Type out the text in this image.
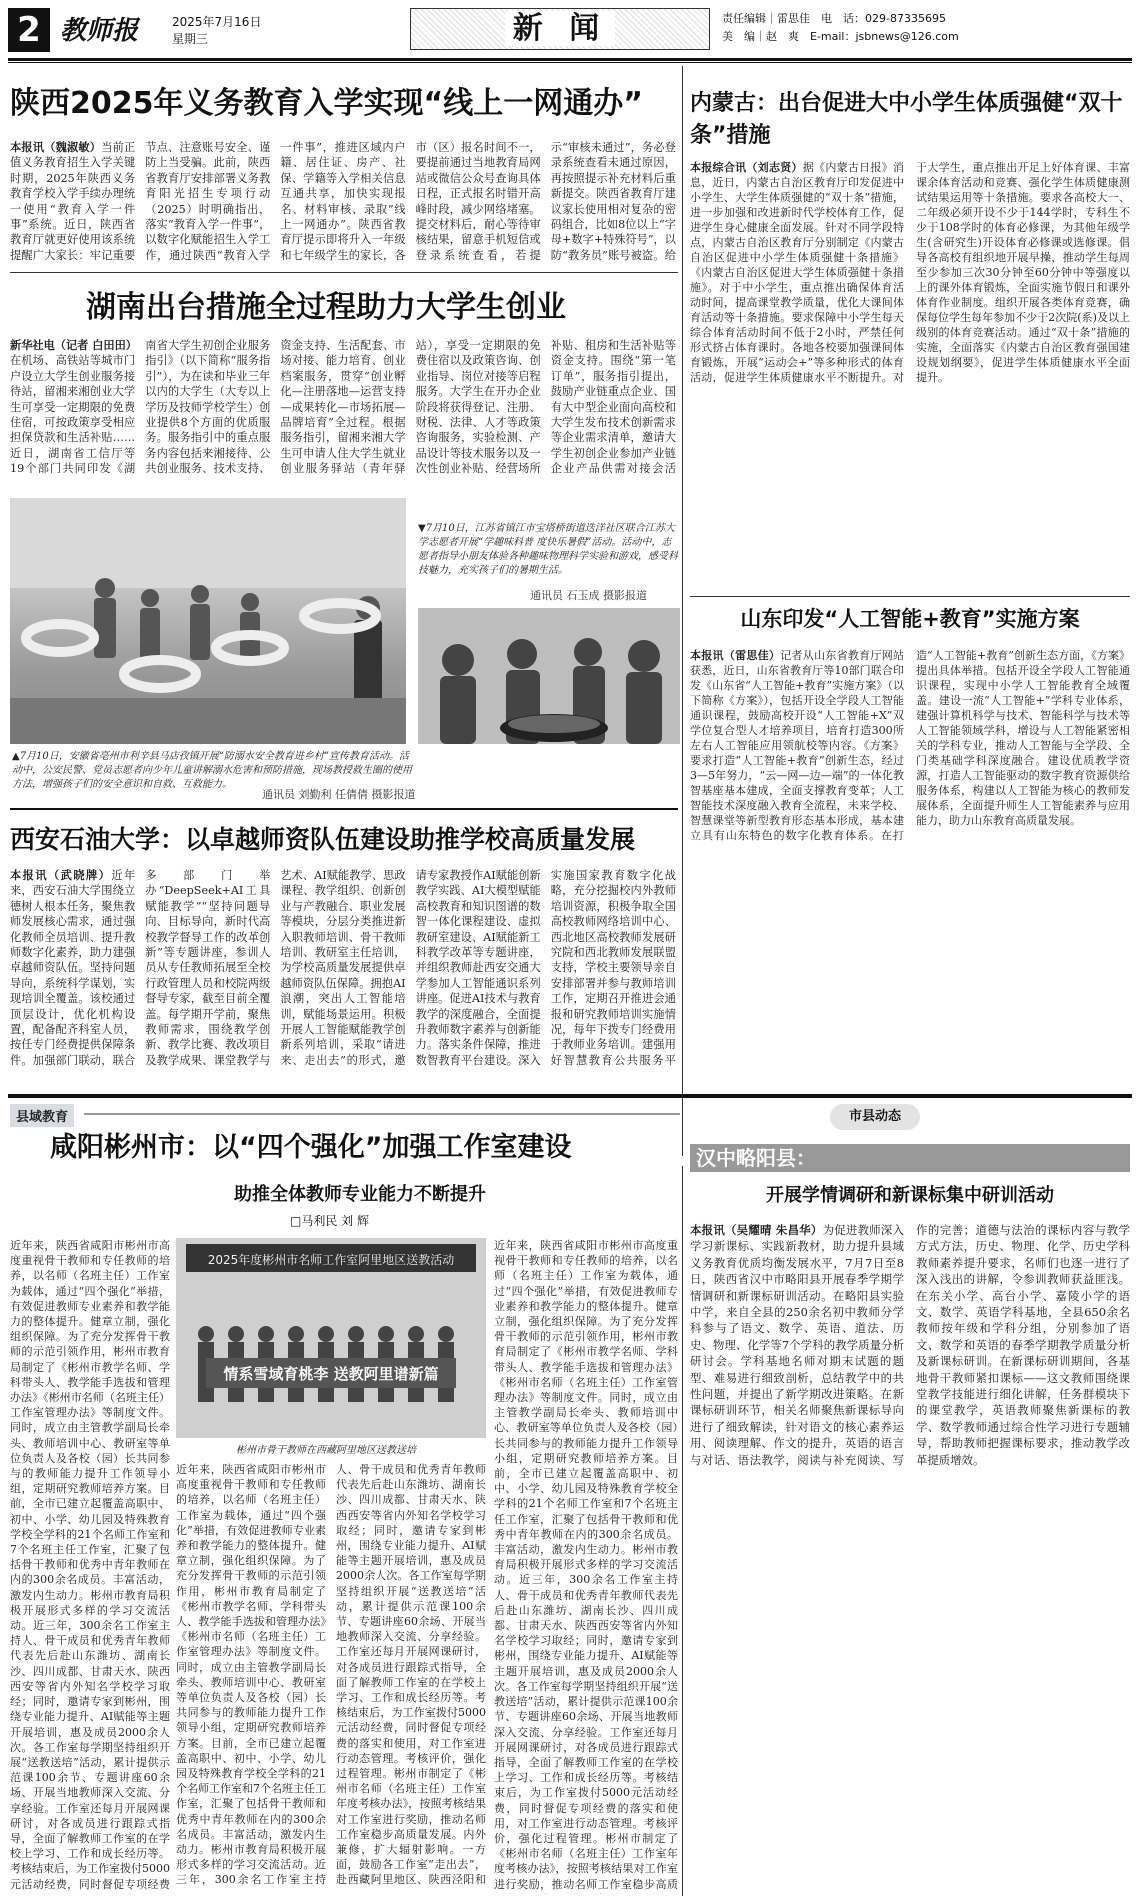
2 教师报	2025年7月16日
星期三	新 闻	责任编辑｜雷思佳　 电　话：029-87335695
美　编｜赵　爽　 E-mail：jsbnews@126.com
陕西2025年义务教育入学实现“线上一网通办”
本报讯（魏淑敏）当前正值义务教育招生入学关键时期，2025年陕西义务教育学校入学手续办理统一使用“教育入学一件事”系统。近日，陕西省教育厅就更好使用该系统提醒广大家长：牢记重要节点、注意账号安全、谨防上当受骗。此前，陕西省教育厅安排部署义务教育阳光招生专项行动（2025）时明确指出，落实“教育入学一件事”，以数字化赋能招生入学工作，通过陕西“教育入学一件事”，推进区域内户籍、居住证、房产、社保、学籍等入学相关信息互通共享，加快实现报名、材料审核、录取“线上一网通办”。陕西省教育厅提示即将升入一年级和七年级学生的家长，各市（区）报名时间不一，要提前通过当地教育局网站或微信公众号查询具体日程，正式报名时错开高峰时段，减少网络堵塞。提交材料后，耐心等待审核结果，留意手机短信或登录系统查看，若提示“审核未通过”，务必登录系统查看未通过原因，再按照提示补充材料后重新提交。陕西省教育厅建议家长使用相对复杂的密码组合，比如8位以上“字母+数字+特殊符号”，以防“教务员”账号被盗。给
湖南出台措施全过程助力大学生创业
新华社电（记者 白田田）在机场、高铁站等城市门户设立大学生创业服务接待站，留湘来湘创业大学生可享受一定期限的免费住宿，可按政策享受相应担保贷款和生活补贴……近日，湖南省工信厅等19个部门共同印发《湖南省大学生初创企业服务指引》（以下简称“服务指引”），为在读和毕业三年以内的大学生（大专以上学历及技师学校学生）创业提供8个方面的优质服务。服务指引中的重点服务内容包括来湘接待、公共创业服务、技术支持、资金支持、生活配套、市场对接、能力培育、创业档案服务，贯穿“创业孵化—注册落地—运营支持—成果转化—市场拓展—品牌培育”全过程。根据服务指引，留湘来湘大学生可申请人住大学生就业创业服务驿站（青年驿站），享受一定期限的免费住宿以及政策咨询、创业指导、岗位对接等启程服务。大学生在开办企业阶段将获得登记、注册、财税、法律、人才等政策咨询服务，实验检测、产品设计等技术服务以及一次性创业补贴、经营场所补贴、租房和生活补贴等资金支持。围绕“第一笔订单”，服务指引提出，鼓励产业链重点企业、国有大中型企业面向高校和大学生发布技术创新需求等企业需求清单，邀请大学生初创企业参加产业链企业产品供需对接会活
▼7月10日，江苏省镇江市宝塔桥街道迭洋社区联合江苏大学志愿者开展“学趣味科普 度快乐暑假”活动。活动中，志愿者指导小朋友体验各种趣味物理科学实验和游戏，感受科技魅力，充实孩子们的暑期生活。
通讯员 石玉成 摄影报道
▲7月10日，安徽省亳州市利辛县马店孜镇开展“防溺水安全教育进乡村”宣传教育活动。活动中，公安民警、党员志愿者向少年儿童讲解溺水危害和预防措施，现场教授救生圈的使用方法，增强孩子们的安全意识和自救、互救能力。
通讯员 刘勤利 任倩倩 摄影报道
西安石油大学：以卓越师资队伍建设助推学校高质量发展
本报讯（武晓牌）近年来，西安石油大学围绕立德树人根本任务，聚焦教师发展核心需求，通过强化教师全员培训、提升教师数字化素养，助力建强卓越师资队伍。坚持问题导向，系统科学谋划，实现培训全覆盖。该校通过顶层设计，优化机构设置，配备配齐科室人员，按任专门经费提供保障条件。加强部门联动，联合多部门举办“DeepSeek+AI工具赋能教学”“坚持问题导向、目标导向，新时代高校教学督导工作的改革创新”等专题讲座，参训人员从专任教师拓展至全校行政管理人员和校院两级督导专家，截至目前全覆盖。每学期开学前，聚焦教师需求，围绕教学创新、教学比赛、教改项目及教学成果、课堂教学与艺术、AI赋能教学、思政课程、教学组织、创新创业与产教融合、职业发展等模块，分层分类推进新入职教师培训、骨干教师培训、教研室主任培训，为学校高质量发展提供卓越师资队伍保障。拥抱AI浪潮，突出人工智能培训，赋能场景运用。积极开展人工智能赋能教学创新系列培训，采取“请进来、走出去”的形式，邀请专家教授作AI赋能创新教学实践、AI大模型赋能高校教育和知识图谱的数智一体化课程建设、虚拟教研室建设、AI赋能新工科教学改革等专题讲座，并组织教师赴西安交通大学参加人工智能通识系列讲座。促进AI技术与教育教学的深度融合，全面提升教师数字素养与创新能力。落实条件保障，推进数智教育平台建设。深入实施国家教育数字化战略，充分挖掘校内外教师培训资源，积极争取全国高校教师网络培训中心、西北地区高校教师发展研究院和西北教师发展联盟支持，学校主要领导亲自安排部署并参与教师培训工作，定期召开推进会通报和研究教师培训实施情况，每年下拨专门经费用于教师业务培训。建强用好智慧教育公共服务平
内蒙古：出台促进大中小学生体质强健“双十条”措施
本报综合讯（刘志贤）据《内蒙古日报》消息，近日，内蒙古自治区教育厅印发促进中小学生、大学生体质强健的“双十条”措施，进一步加强和改进新时代学校体育工作，促进学生身心健康全面发展。针对不同学段特点，内蒙古自治区教育厅分别制定《内蒙古自治区促进中小学生体质强健十条措施》《内蒙古自治区促进大学生体质强健十条措施》。对于中小学生，重点推出确保体育活动时间，提高课堂教学质量，优化大课间体育活动等十条措施。要求保障中小学生每天综合体育活动时间不低于2小时，严禁任何形式挤占体育课时。各地各校要加强课间体育锻炼，开展“运动会+”等多种形式的体育活动，促进学生体质健康水平不断提升。对于大学生，重点推出开足上好体育课、丰富课余体育活动和竞赛、强化学生体质健康测试结果运用等十条措施。要求各高校大一、二年级必须开设不少于144学时，专科生不少于108学时的体育必修课，为其他年级学生(含研究生)开设体育必修课或选修课。倡导各高校有组织地开展早操，推动学生每周至少参加三次30分钟至60分钟中等强度以上的课外体育锻炼，全面实施节假日和课外体育作业制度。组织开展各类体育竞赛，确保每位学生每年参加不少于2次院(系)及以上级别的体育竞赛活动。通过“双十条”措施的实施，全面落实《内蒙古自治区教育强国建设规划纲要》，促进学生体质健康水平全面提升。
山东印发“人工智能+教育”实施方案
本报讯（雷思佳）记者从山东省教育厅网站获悉，近日，山东省教育厅等10部门联合印发《山东省“人工智能+教育”实施方案》（以下简称《方案》），包括开设全学段人工智能通识课程，鼓励高校开设“人工智能+X”双学位复合型人才培养项目，培育打造300所左右人工智能应用领航校等内容。《方案》要求打造“人工智能+教育”创新生态，经过3—5年努力，“云—网—边—端”的一体化教智基座基本建成，全面支撑教育变革；人工智能技术深度融入教育全流程，未来学校、智慧课堂等新型教育形态基本形成，基本建立具有山东特色的数字化教育体系。在打造“人工智能+教育”创新生态方面，《方案》提出具体举措。包括开设全学段人工智能通识课程，实现中小学人工智能教育全域覆盖。建设一流“人工智能+”学科专业体系，建强计算机科学与技术、智能科学与技术等人工智能领域学科，增设与人工智能紧密相关的学科专业，推动人工智能与全学段、全门类基础学科深度融合。建设优质教学资源，打造人工智能驱动的数字教育资源供给服务体系，构建以人工智能为核心的教师发展体系，全面提升师生人工智能素养与应用能力，助力山东教育高质量发展。
县域教育
咸阳彬州市：以“四个强化”加强工作室建设
助推全体教师专业能力不断提升
□马利民 刘 辉
近年来，陕西省咸阳市彬州市高度重视骨干教师和专任教师的培养，以名师（名班主任）工作室为载体，通过“四个强化”举措，有效促进教师专业素养和教学能力的整体提升。健章立制，强化组织保障。为了充分发挥骨干教师的示范引领作用，彬州市教育局制定了《彬州市教学名师、学科带头人、教学能手选拔和管理办法》《彬州市名师（名班主任）工作室管理办法》等制度文件。同时，成立由主管教学副局长牵头、教师培训中心、教研室等单位负责人及各校（园）长共同参与的教师能力提升工作领导小组，定期研究教师培养方案。目前，全市已建立起覆盖高职中、初中、小学、幼儿园及特殊教育学校全学科的21个名师工作室和7个名班主任工作室，汇聚了包括骨干教师和优秀中青年教师在内的300余名成员。丰富活动，激发内生动力。彬州市教育局积极开展形式多样的学习交流活动。近三年，300余名工作室主持人、骨干成员和优秀青年教师代表先后赴山东潍坊、湖南长沙、四川成都、甘肃天水、陕西西安等省内外知名学校学习取经；同时，邀请专家到彬州，围绕专业能力提升、AI赋能等主题开展培训，惠及成员2000余人次。各工作室每学期坚持组织开展“送教送培”活动，累计提供示范课100余节、专题讲座60余场、开展当地教师深入交流、分享经验。工作室还每月开展网课研讨，对各成员进行跟踪式指导，全面了解教师工作室的在学校上学习、工作和成长经历等。考核结束后，为工作室拨付5000元活动经费，同时督促专项经费
2025年度彬州市名师工作室阿里地区送教活动
情系雪域育桃李 送教阿里谱新篇
彬州市骨干教师在西藏阿里地区送教送培
近年来，陕西省咸阳市彬州市高度重视骨干教师和专任教师的培养，以名师（名班主任）工作室为载体，通过“四个强化”举措，有效促进教师专业素养和教学能力的整体提升。健章立制，强化组织保障。为了充分发挥骨干教师的示范引领作用，彬州市教育局制定了《彬州市教学名师、学科带头人、教学能手选拔和管理办法》《彬州市名师（名班主任）工作室管理办法》等制度文件。同时，成立由主管教学副局长牵头、教师培训中心、教研室等单位负责人及各校（园）长共同参与的教师能力提升工作领导小组，定期研究教师培养方案。目前，全市已建立起覆盖高职中、初中、小学、幼儿园及特殊教育学校全学科的21个名师工作室和7个名班主任工作室，汇聚了包括骨干教师和优秀中青年教师在内的300余名成员。丰富活动，激发内生动力。彬州市教育局积极开展形式多样的学习交流活动。近三年，300余名工作室主持人、骨干成员和优秀青年教师代表先后赴山东潍坊、湖南长沙、四川成都、甘肃天水、陕西西安等省内外知名学校学习取经；同时，邀请专家到彬州，围绕专业能力提升、AI赋能等主题开展培训，惠及成员2000余人次。各工作室每学期坚持组织开展“送教送培”活动，累计提供示范课100余节、专题讲座60余场、开展当地教师深入交流、分享经验。工作室还每月开展网课研讨，对各成员进行跟踪式指导，全面了解教师工作室的在学校上学习、工作和成长经历等。考核结束后，为工作室拨付5000元活动经费，同时督促专项经费的落实和使用，对工作室进行动态管理。考核评价，强化过程管理。彬州市制定了《彬州市名师（名班主任）工作室年度考核办法》，按照考核结果对工作室进行奖励，推动名师工作室稳步高质量发展。内外兼修，扩大辐射影响。一方面，鼓励各工作室“走出去”，赴西藏阿里地区、陕西泾阳和
近年来，陕西省咸阳市彬州市高度重视骨干教师和专任教师的培养，以名师（名班主任）工作室为载体，通过“四个强化”举措，有效促进教师专业素养和教学能力的整体提升。健章立制，强化组织保障。为了充分发挥骨干教师的示范引领作用，彬州市教育局制定了《彬州市教学名师、学科带头人、教学能手选拔和管理办法》《彬州市名师（名班主任）工作室管理办法》等制度文件。同时，成立由主管教学副局长牵头、教师培训中心、教研室等单位负责人及各校（园）长共同参与的教师能力提升工作领导小组，定期研究教师培养方案。目前，全市已建立起覆盖高职中、初中、小学、幼儿园及特殊教育学校全学科的21个名师工作室和7个名班主任工作室，汇聚了包括骨干教师和优秀中青年教师在内的300余名成员。丰富活动，激发内生动力。彬州市教育局积极开展形式多样的学习交流活动。近三年，300余名工作室主持人、骨干成员和优秀青年教师代表先后赴山东潍坊、湖南长沙、四川成都、甘肃天水、陕西西安等省内外知名学校学习取经；同时，邀请专家到彬州，围绕专业能力提升、AI赋能等主题开展培训，惠及成员2000余人次。各工作室每学期坚持组织开展“送教送培”活动，累计提供示范课100余节、专题讲座60余场、开展当地教师深入交流、分享经验。工作室还每月开展网课研讨，对各成员进行跟踪式指导，全面了解教师工作室的在学校上学习、工作和成长经历等。考核结束后，为工作室拨付5000元活动经费，同时督促专项经费的落实和使用，对工作室进行动态管理。考核评价，强化过程管理。彬州市制定了《彬州市名师（名班主任）工作室年度考核办法》，按照考核结果对工作室进行奖励，推动名师工作室稳步高质
市县动态
汉中略阳县：
开展学情调研和新课标集中研训活动
本报讯（吴耀晴 朱昌华）为促进教师深入学习新课标、实践新教材，助力提升县域义务教育优质均衡发展水平，7月7日至8日，陕西省汉中市略阳县开展春季学期学情调研和新课标研训活动。在略阳县实验中学，来自全县的250余名初中教师分学科参与了语文、数学、英语、道法、历史、物理、化学等7个学科的教学质量分析研讨会。学科基地名师对期末试题的题型、难易进行细致剖析，总结教学中的共性问题，并提出了新学期改进策略。在新课标研训环节，相关名师聚焦新课标导向进行了细致解读，针对语文的核心素养运用、阅读理解、作文的提升，英语的语言与对话、语法教学，阅读与补充阅读、写作的完善；道德与法治的课标内容与教学方式方法，历史、物理、化学、历史学科教师素养提升要求，名师们也逐一进行了深入浅出的讲解，令参训教师获益匪浅。在东关小学、高台小学、嘉陵小学的语文、数学、英语学科基地，全县650余名教师按年级和学科分组，分别参加了语文、数学和英语的春季学期教学质量分析及新课标研训。在新课标研训期间，各基地骨干教师紧扣课标——这文教师围绕课堂教学技能进行细化讲解，任务群模块下的课堂教学，英语教师聚焦新课标的教学、数学教师通过综合性学习进行专题辅导，帮助教师把握课标要求，推动教学改革提质增效。
